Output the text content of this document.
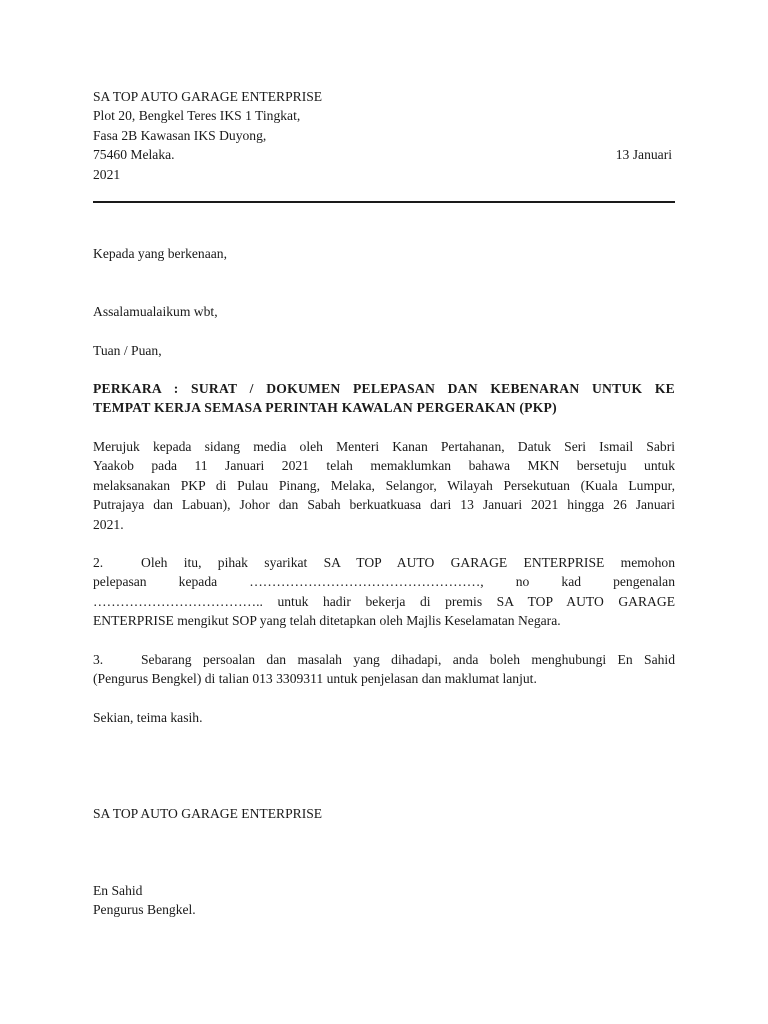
SA TOP AUTO GARAGE ENTERPRISE
Plot 20, Bengkel Teres IKS 1 Tingkat,
Fasa 2B Kawasan IKS Duyong,
75460 Melaka.	13 Januari
2021
Kepada yang berkenaan,
Assalamualaikum wbt,
Tuan / Puan,
PERKARA : SURAT / DOKUMEN PELEPASAN DAN KEBENARAN UNTUK KE
TEMPAT KERJA SEMASA PERINTAH KAWALAN PERGERAKAN (PKP)
Merujuk kepada sidang media oleh Menteri Kanan Pertahanan, Datuk Seri Ismail Sabri
Yaakob pada 11 Januari 2021 telah memaklumkan bahawa MKN bersetuju untuk
melaksanakan PKP di Pulau Pinang, Melaka, Selangor, Wilayah Persekutuan (Kuala Lumpur,
Putrajaya dan Labuan), Johor dan Sabah berkuatkuasa dari 13 Januari 2021 hingga 26 Januari
2021.
2.	Oleh itu, pihak syarikat SA TOP AUTO GARAGE ENTERPRISE memohon
pelepasan kepada ……………………………………………, no kad pengenalan
……………………………….. untuk hadir bekerja di premis SA TOP AUTO GARAGE
ENTERPRISE mengikut SOP yang telah ditetapkan oleh Majlis Keselamatan Negara.
3.	Sebarang persoalan dan masalah yang dihadapi, anda boleh menghubungi En Sahid
(Pengurus Bengkel) di talian 013 3309311 untuk penjelasan dan maklumat lanjut.
Sekian, teima kasih.
SA TOP AUTO GARAGE ENTERPRISE
En Sahid
Pengurus Bengkel.
